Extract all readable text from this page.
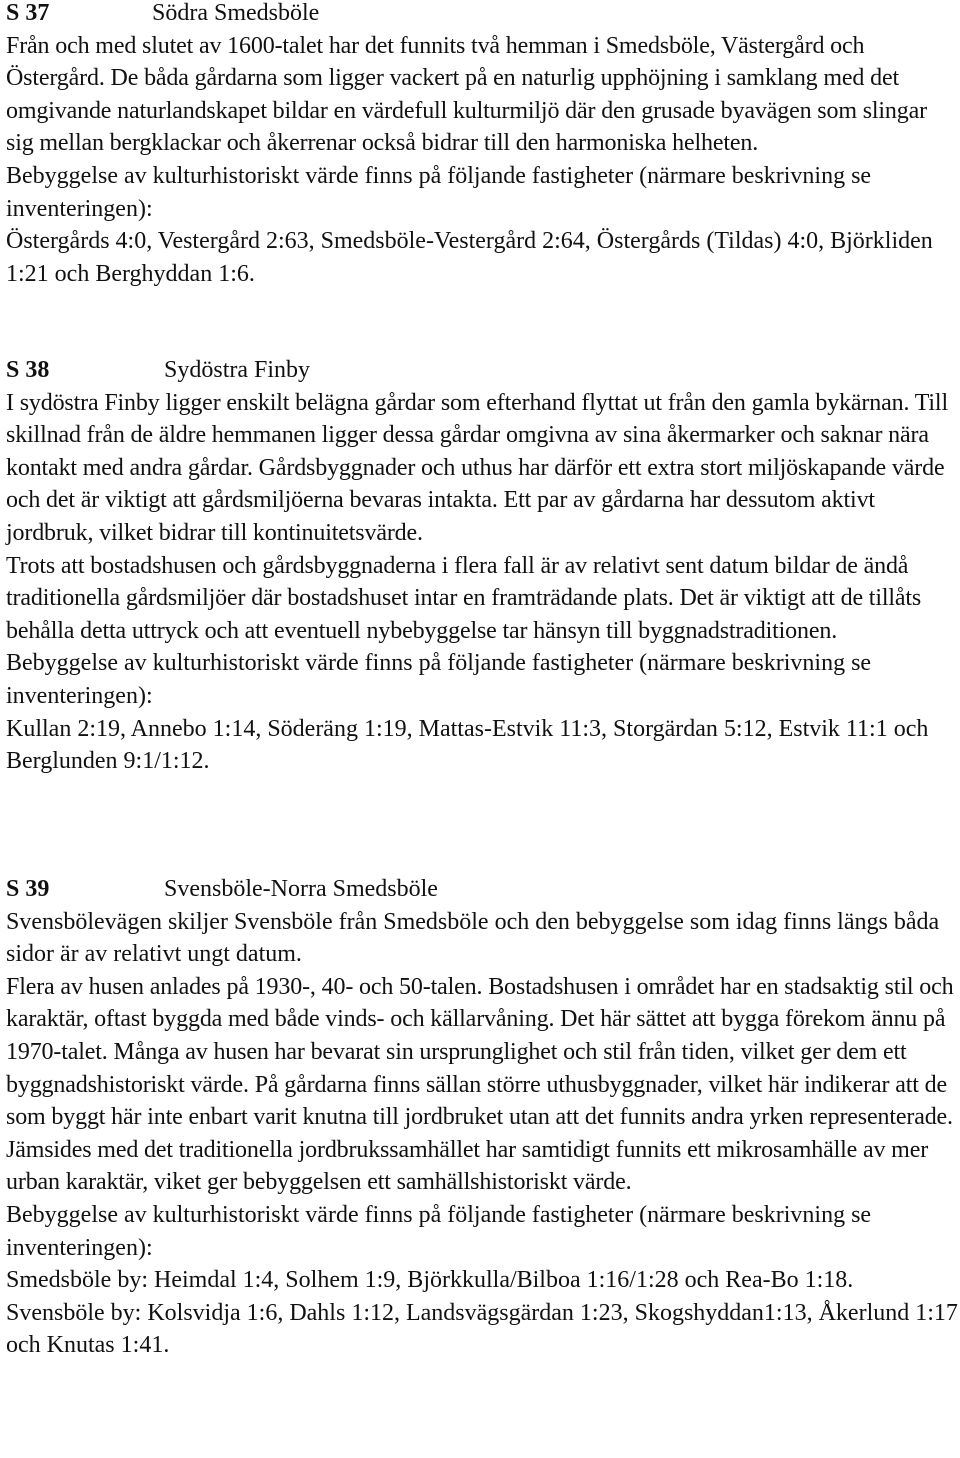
S 37	Södra Smedsböle

Från och med slutet av 1600-talet har det funnits två hemman i Smedsböle, Västergård och Östergård. De båda gårdarna som ligger vackert på en naturlig upphöjning i samklang med det omgivande naturlandskapet bildar en värdefull kulturmiljö där den grusade byavägen som slingar sig mellan bergklackar och åkerrenar också bidrar till den harmoniska helheten.

Bebyggelse av kulturhistoriskt värde finns på följande fastigheter (närmare beskrivning se inventeringen):

Östergårds 4:0, Vestergård 2:63, Smedsböle-Vestergård 2:64, Östergårds (Tildas) 4:0, Björkliden 1:21 och Berghyddan 1:6.

S 38	Sydöstra Finby

I sydöstra Finby ligger enskilt belägna gårdar som efterhand flyttat ut från den gamla bykärnan. Till skillnad från de äldre hemmanen ligger dessa gårdar omgivna av sina åkermarker och saknar nära kontakt med andra gårdar. Gårdsbyggnader och uthus har därför ett extra stort miljöskapande värde och det är viktigt att gårdsmiljöerna bevaras intakta. Ett par av gårdarna har dessutom aktivt jordbruk, vilket bidrar till kontinuitetsvärde.

Trots att bostadshusen och gårdsbyggnaderna i flera fall är av relativt sent datum bildar de ändå traditionella gårdsmiljöer där bostadshuset intar en framträdande plats. Det är viktigt att de tillåts behålla detta uttryck och att eventuell nybebyggelse tar hänsyn till byggnadstraditionen.

Bebyggelse av kulturhistoriskt värde finns på följande fastigheter (närmare beskrivning se inventeringen):

Kullan 2:19, Annebo 1:14, Söderäng 1:19, Mattas-Estvik 11:3, Storgärdan 5:12, Estvik 11:1 och Berglunden 9:1/1:12.

S 39	Svensböle-Norra Smedsböle

Svensbölevägen skiljer Svensböle från Smedsböle och den bebyggelse som idag finns längs båda sidor är av relativt ungt datum.

Flera av husen anlades på 1930-, 40- och 50-talen. Bostadshusen i området har en stadsaktig stil och karaktär, oftast byggda med både vinds- och källarvåning. Det här sättet att bygga förekom ännu på 1970-talet. Många av husen har bevarat sin ursprunglighet och stil från tiden, vilket ger dem ett byggnadshistoriskt värde. På gårdarna finns sällan större uthusbyggnader, vilket här indikerar att de som byggt här inte enbart varit knutna till jordbruket utan att det funnits andra yrken representerade. Jämsides med det traditionella jordbrukssamhället har samtidigt funnits ett mikrosamhälle av mer urban karaktär, viket ger bebyggelsen ett samhällshistoriskt värde.

Bebyggelse av kulturhistoriskt värde finns på följande fastigheter (närmare beskrivning se inventeringen):

Smedsböle by: Heimdal 1:4, Solhem 1:9, Björkkulla/Bilboa 1:16/1:28 och Rea-Bo 1:18.

Svensböle by: Kolsvidja 1:6, Dahls 1:12, Landsvägsgärdan 1:23, Skogshyddan1:13, Åkerlund 1:17 och Knutas 1:41.
